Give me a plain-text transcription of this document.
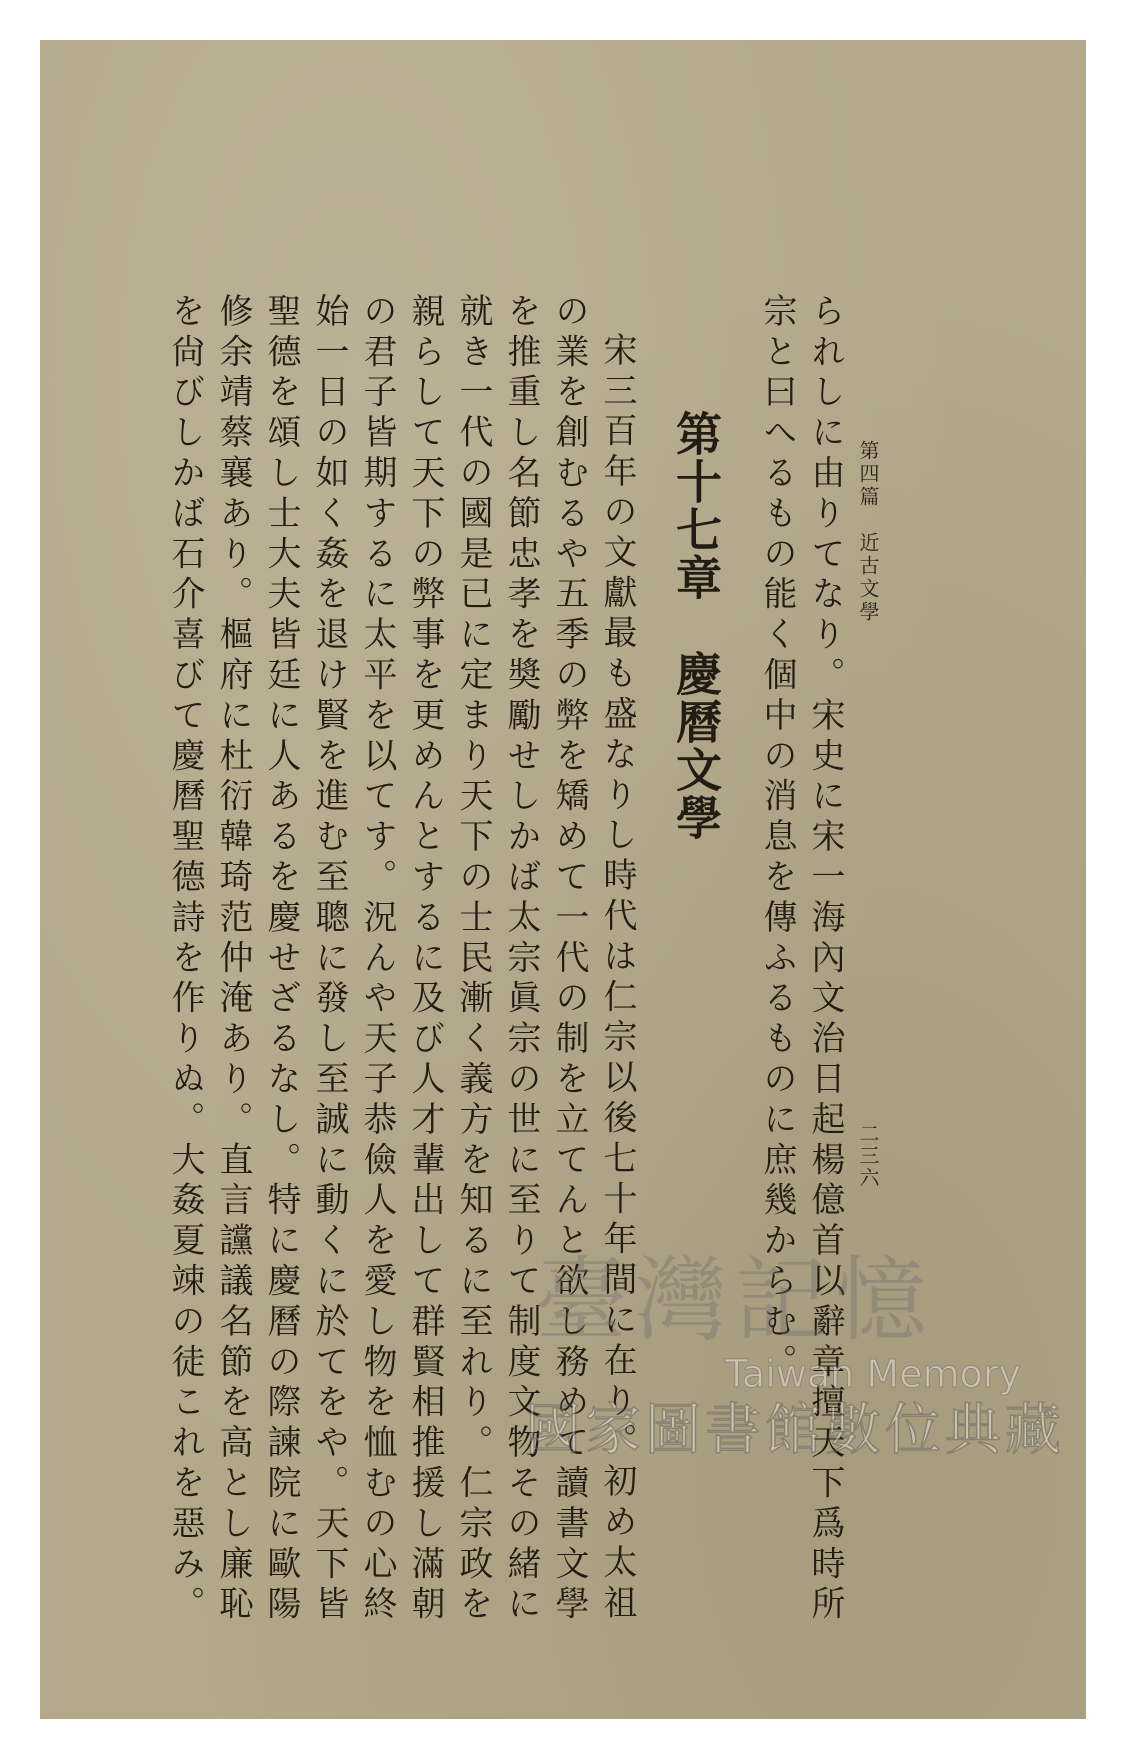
第四篇　近古文學
二三六
宗と曰へるもの能く個中の消息を傳ふるものに庶幾からむ。 られしに由りてなり。宋史に宋一海內文治日起楊億首以辭章擅天下爲時所
第十七章　慶曆文學
宋三百年の文獻最も盛なりし時代は仁宗以後七十年間に在り。初め太祖
の業を創むるや五季の弊を矯めて一代の制を立てんと欲し務めて讀書文學
を推重し名節忠孝を奬勵せしかば太宗眞宗の世に至りて制度文物その緒に
就き一代の國是已に定まり天下の士民漸く義方を知るに至れり。仁宗政を
親らして天下の弊事を更めんとするに及び人才輩出して群賢相推援し滿朝
の君子皆期するに太平を以てす。況んや天子恭儉人を愛し物を恤むの心終
始一日の如く姦を退け賢を進む至聰に發し至誠に動くに於てをや。天下皆
聖德を頌し士大夫皆廷に人あるを慶せざるなし。特に慶曆の際諫院に歐陽
修余靖蔡襄あり。樞府に杜衍韓琦范仲淹あり。直言讜議名節を高とし廉恥
を尙びしかば石介喜びて慶曆聖德詩を作りぬ。大姦夏竦の徒これを惡み。	臺灣記憶
Taiwan Memory
國家圖書館數位典藏
